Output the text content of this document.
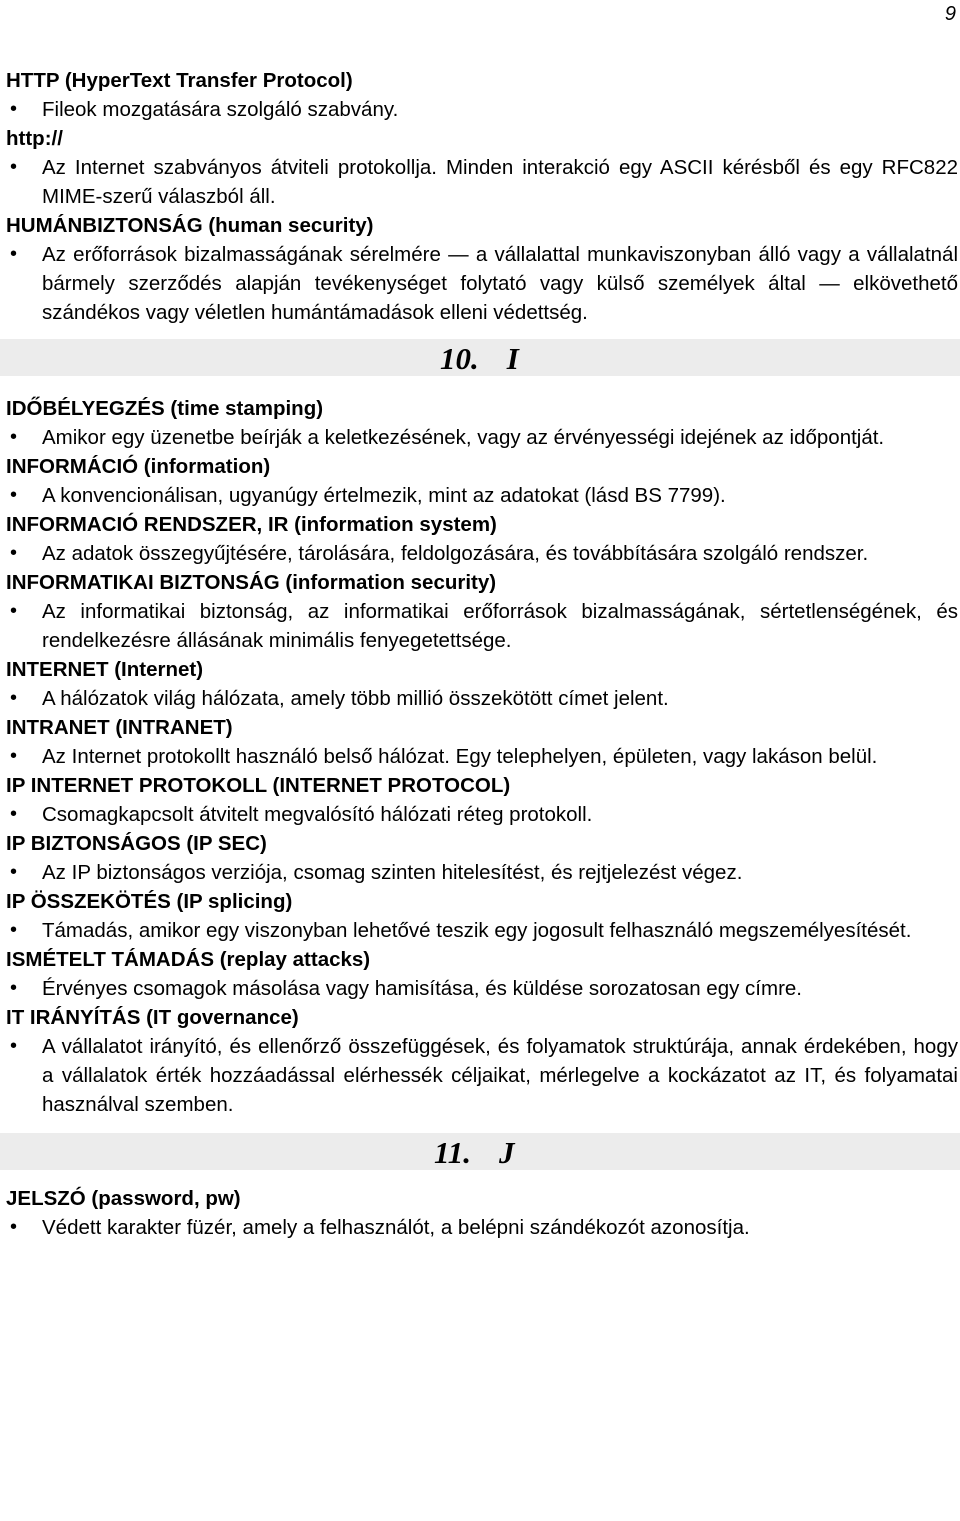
9

HTTP (HyperText Transfer Protocol)

• Fileok mozgatására szolgáló szabvány.

http://

• Az Internet szabványos átviteli protokollja. Minden interakció egy ASCII kérésből és egy RFC822 MIME-szerű válaszból áll.

HUMÁNBIZTONSÁG (human security)

• Az erőforrások bizalmasságának sérelmére — a vállalattal munkaviszonyban álló vagy a vállalatnál bármely szerződés alapján tevékenységet folytató vagy külső személyek által — elkövethető szándékos vagy véletlen humántámadások elleni védettség.
10. I

IDŐBÉLYEGZÉS (time stamping)

• Amikor egy üzenetbe beírják a keletkezésének, vagy az érvényességi idejének az időpontját.

INFORMÁCIÓ (information)

• A konvencionálisan, ugyanúgy értelmezik, mint az adatokat (lásd BS 7799).

INFORMACIÓ RENDSZER, IR (information system)

• Az adatok összegyűjtésére, tárolására, feldolgozására, és továbbítására szolgáló rendszer.

INFORMATIKAI BIZTONSÁG (information security)

• Az informatikai biztonság, az informatikai erőforrások bizalmasságának, sértetlenségének, és rendelkezésre állásának minimális fenyegetettsége.

INTERNET (Internet)

• A hálózatok világ hálózata, amely több millió összekötött címet jelent.

INTRANET (INTRANET)

• Az Internet protokollt használó belső hálózat. Egy telephelyen, épületen, vagy lakáson belül.

IP INTERNET PROTOKOLL (INTERNET PROTOCOL)

• Csomagkapcsolt átvitelt megvalósító hálózati réteg protokoll.

IP BIZTONSÁGOS (IP SEC)

• Az IP biztonságos verziója, csomag szinten hitelesítést, és rejtjelezést végez.

IP ÖSSZEKÖTÉS (IP splicing)

• Támadás, amikor egy viszonyban lehetővé teszik egy jogosult felhasználó megszemélyesítését.

ISMÉTELT TÁMADÁS (replay attacks)

• Érvényes csomagok másolása vagy hamisítása, és küldése sorozatosan egy címre.

IT IRÁNYÍTÁS (IT governance)

• A vállalatot irányító, és ellenőrző összefüggések, és folyamatok struktúrája, annak érdekében, hogy a vállalatok érték hozzáadással elérhessék céljaikat, mérlegelve a kockázatot az IT, és folyamatai használval szemben.
11. J

JELSZÓ (password, pw)

• Védett karakter füzér, amely a felhasználót, a belépni szándékozót azonosítja.
